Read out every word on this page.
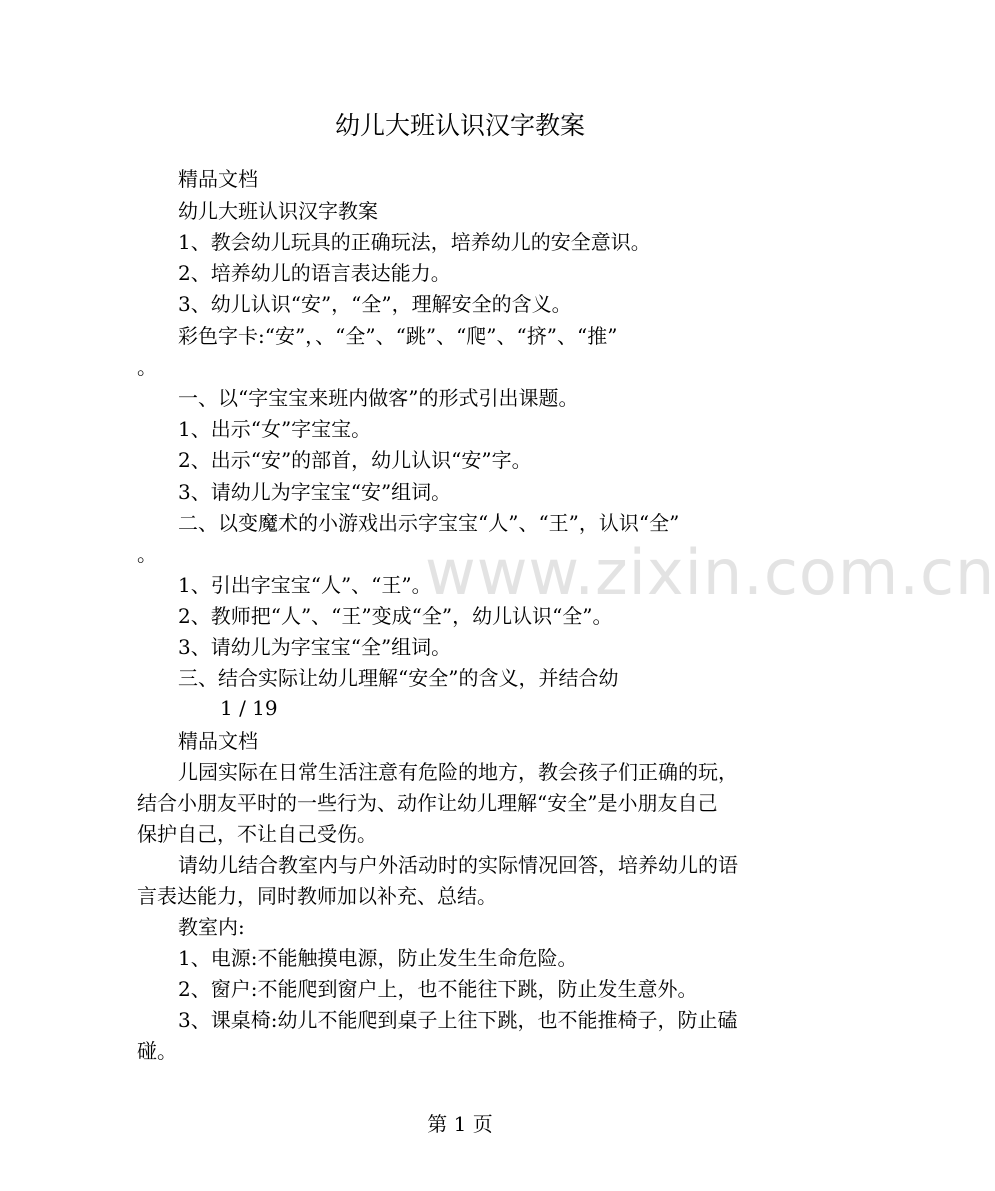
www.zixin.com.cn
幼儿大班认识汉字教案
精品文档
幼儿大班认识汉字教案
1、教会幼儿玩具的正确玩法，培养幼儿的安全意识。
2、培养幼儿的语言表达能力。
3、幼儿认识“安”，“全”，理解安全的含义。
彩色字卡:“安”，、“全”、“跳”、“爬”、“挤”、“推”
。
一、以“字宝宝来班内做客”的形式引出课题。
1、出示“女”字宝宝。
2、出示“安”的部首，幼儿认识“安”字。
3、请幼儿为字宝宝“安”组词。
二、以变魔术的小游戏出示字宝宝“人”、“王”，认识“全”
。
1、引出字宝宝“人”、“王”。
2、教师把“人”、“王”变成“全”，幼儿认识“全”。
3、请幼儿为字宝宝“全”组词。
三、结合实际让幼儿理解“安全”的含义，并结合幼
1 / 19
精品文档
儿园实际在日常生活注意有危险的地方，教会孩子们正确的玩，
结合小朋友平时的一些行为、动作让幼儿理解“安全”是小朋友自己
保护自己，不让自己受伤。
请幼儿结合教室内与户外活动时的实际情况回答，培养幼儿的语
言表达能力，同时教师加以补充、总结。
教室内:
1、电源:不能触摸电源，防止发生生命危险。
2、窗户:不能爬到窗户上，也不能往下跳，防止发生意外。
3、课桌椅:幼儿不能爬到桌子上往下跳，也不能推椅子，防止磕
碰。
第 1 页
